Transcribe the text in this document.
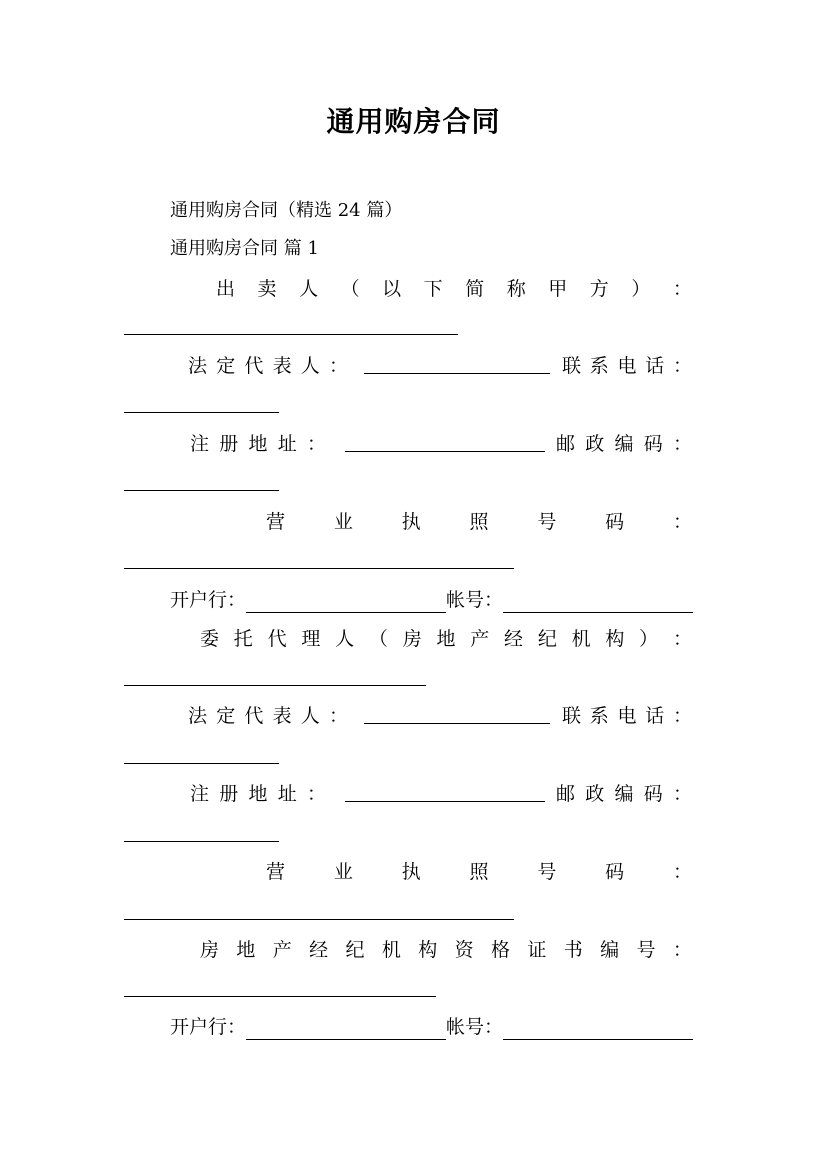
通用购房合同
通用购房合同（精选 24 篇）
通用购房合同 篇 1
出 卖 人 （ 以 下 简 称 甲 方 ） ：
法 定 代 表 人 ：	联 系 电 话 ：
注 册 地 址 ：	邮 政 编 码 ：
营	业	执	照	号	码	：
开户行：	帐号：
委 托 代 理 人 （ 房 地 产 经 纪 机 构 ） ：
法 定 代 表 人 ：	联 系 电 话 ：
注 册 地 址 ：	邮 政 编 码 ：
营	业	执	照	号	码	：
房 地 产 经 纪 机 构 资 格 证 书 编 号 ：
开户行：	帐号：
